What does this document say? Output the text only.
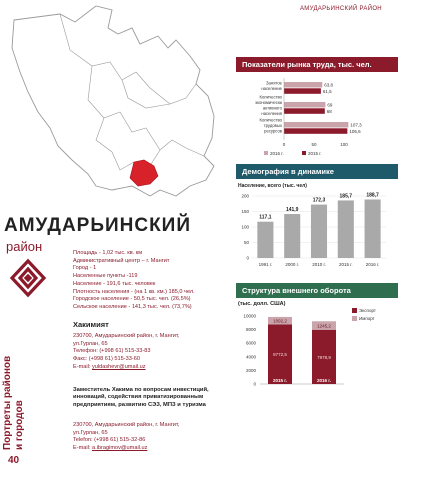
АМУДАРЬИНСКИЙ РАЙОН
АМУДАРЬИНСКИЙ
район
Портреты районов и городов
40
Площадь - 1,02 тыс. кв. км
Административный центр – г. Мангит
Город - 1
Населенные пункты -119
Население - 191,6 тыс. человек
Плотность населения - (на 1 кв. км.) 185,0 чел.
Городское население - 50,5 тыс. чел. (26,5%)
Сельское население - 141,3 тыс. чел. (73,7%)
Хакимият
230700, Амударьинский район, г. Мангит,
ул.Гурлан, 65
Телефон: (+998 61) 515-33-83
Факс: (+998 61) 515-33-60
E-mail: yuldashevr@umail.uz
Заместитель Хакима по вопросам инвестиций, инноваций, содействия приватизированным предприятиям, развитию СЭЗ, МПЗ и туризма
230700, Амударьинский район, г. Мангит,
ул.Гурлан, 65
Telefon: (+998 61) 515-32-86
E-mail: a.ibragimov@umail.uz
Показатели рынка труда, тыс. чел.
Демография в динамике
Структура внешнего оборота
Занятое
население
63,8
61,5
Количество
экономически
активного
населения
69
68
Количество
трудовых
ресурсов
107,3
105,6
0	50	100
2016 г.	2015 г.
Население, всего (тыс. чел)
0
50
100
150
200
117,1
1991 г.
141,9
2000 г.
172,3
2010 г.
185,7
2015 г.
188,7
2016 г.
(тыс. долл. США)
0
2000
4000
6000
8000
10000
8772,5
1092,2
2015 г.
7978,9
1245,2
2016 г.
Экспорт
Импорт
